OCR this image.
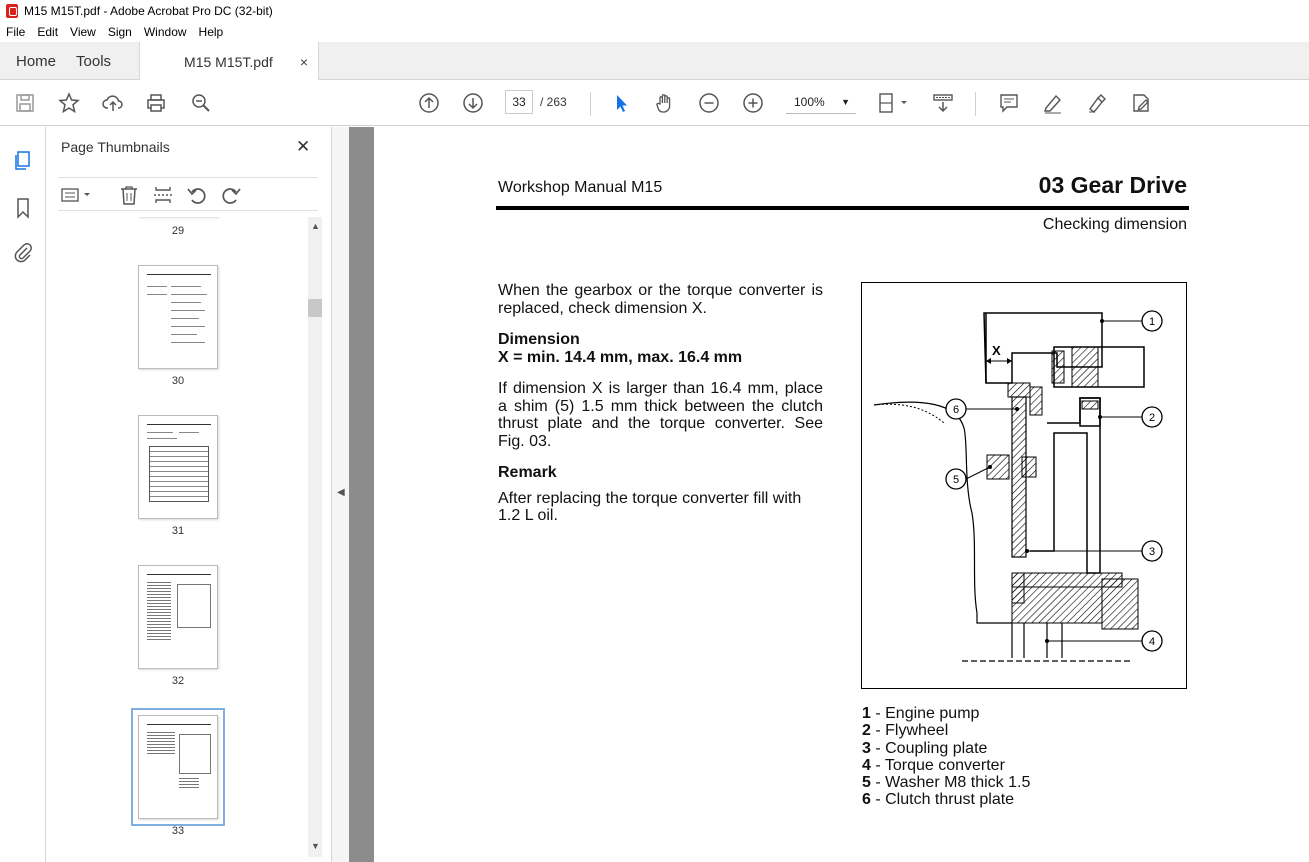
M15 M15T.pdf - Adobe Acrobat Pro DC (32-bit)
File Edit View Sign Window Help
Home	Tools	M15 M15T.pdf ×
33	/ 263	100% ▼
Page Thumbnails	✕
29
30
31
32
33
▲
▼
◀
Workshop Manual M15	03 Gear Drive
Checking dimension

When the gearbox or the torque converter is replaced, check dimension X.

Dimension

X = min. 14.4 mm, max. 16.4 mm

If dimension X is larger than 16.4 mm, place a shim (5) 1.5 mm thick between the clutch thrust plate and the torque converter. See Fig. 03.

Remark

After replacing the torque converter fill with 1.2 L oil.

X
1
2
3
4
5
6
1 - Engine pump
2 - Flywheel
3 - Coupling plate
4 - Torque converter
5 - Washer M8 thick 1.5
6 - Clutch thrust plate
